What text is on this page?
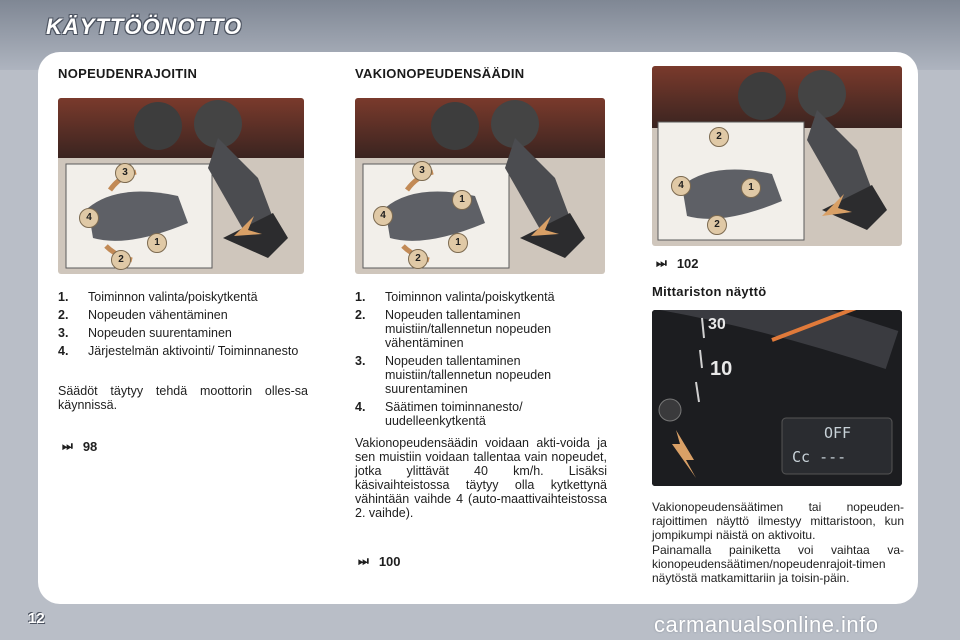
KÄYTTÖÖNOTTO
NOPEUDENRAJOITIN
3
4
1
2
1.	Toiminnon valinta/poiskytkentä
2.	Nopeuden vähentäminen
3.	Nopeuden suurentaminen
4.	Järjestelmän aktivointi/ Toiminnanesto

Säädöt täytyy tehdä moottorin olles-sa käynnissä.

⏭ 98
VAKIONOPEUDENSÄÄDIN
3
1
4
1
2
1.	Toiminnon valinta/poiskytkentä
2.	Nopeuden tallentaminen muistiin/tallennetun nopeuden vähentäminen
3.	Nopeuden tallentaminen muistiin/tallennetun nopeuden suurentaminen
4.	Säätimen toiminnanesto/ uudelleenkytkentä

Vakionopeudensäädin voidaan akti-voida ja sen muistiin voidaan tallentaa vain nopeudet, jotka ylittävät 40 km/h. Lisäksi käsivaihteistossa täytyy olla kytkettynä vähintään vaihde 4 (auto-maattivaihteistossa 2. vaihde).

⏭ 100
2
1
4
2
⏭ 102
Mittariston näyttö
30
10
OFF
Cc ---

Vakionopeudensäätimen tai nopeuden-rajoittimen näyttö ilmestyy mittaristoon, kun jompikumpi näistä on aktivoitu.

Painamalla painiketta voi vaihtaa va-kionopeudensäätimen/nopeudenrajoit-timen näytöstä matkamittariin ja toisin-päin.

12	carmanualsonline.info
